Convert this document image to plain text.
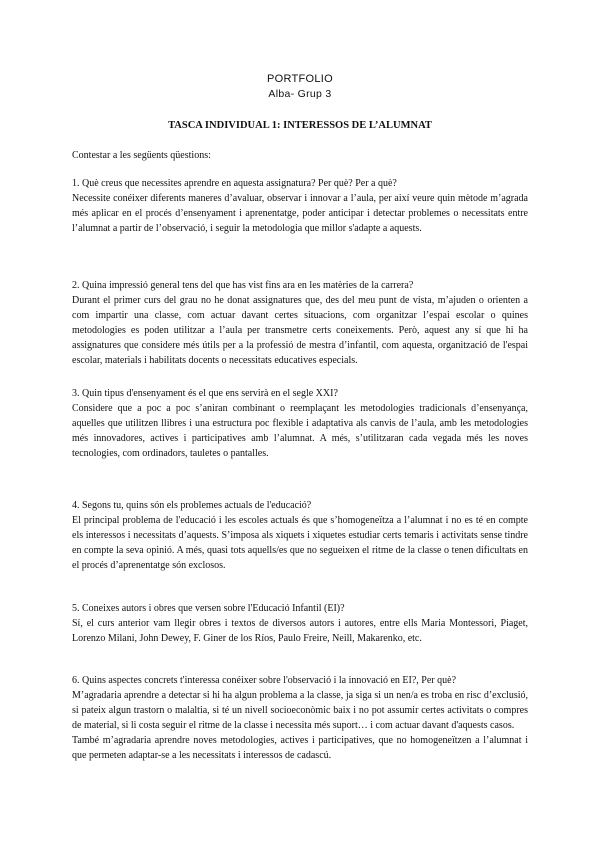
PORTFOLIO
Alba- Grup 3
TASCA INDIVIDUAL 1: INTERESSOS DE L’ALUMNAT
Contestar a les següents qüestions:

1. Què creus que necessites aprendre en aquesta assignatura? Per què? Per a què?

Necessite conéixer diferents maneres d’avaluar, observar i innovar a l’aula, per així veure quin mètode m’agrada més aplicar en el procés d’ensenyament i aprenentatge, poder anticipar i detectar problemes o necessitats entre l’alumnat a partir de l’observació, i seguir la metodologia que millor s'adapte a aquests.

2. Quina impressió general tens del que has vist fins ara en les matèries de la carrera?

Durant el primer curs del grau no he donat assignatures que, des del meu punt de vista, m’ajuden o orienten a com impartir una classe, com actuar davant certes situacions, com organitzar l’espai escolar o quines metodologies es poden utilitzar a l’aula per transmetre certs coneixements. Però, aquest any sí que hi ha assignatures que considere més útils per a la professió de mestra d’infantil, com aquesta, organització de l'espai escolar, materials i habilitats docents o necessitats educatives especials.

3. Quin tipus d'ensenyament és el que ens servirà en el segle XXI?

Considere que a poc a poc s’aniran combinant o reemplaçant les metodologies tradicionals d’ensenyança, aquelles que utilitzen llibres i una estructura poc flexible i adaptativa als canvis de l’aula, amb les metodologies més innovadores, actives i participatives amb l’alumnat. A més, s’utilitzaran cada vegada més les noves tecnologies, com ordinadors, tauletes o pantalles.

4. Segons tu, quins són els problemes actuals de l'educació?

El principal problema de l'educació i les escoles actuals és que s’homogeneïtza a l’alumnat i no es té en compte els interessos i necessitats d’aquests. S’imposa als xiquets i xiquetes estudiar certs temaris i activitats sense tindre en compte la seva opinió. A més, quasi tots aquells/es que no segueixen el ritme de la classe o tenen dificultats en el procés d’aprenentatge són exclosos.

5. Coneixes autors i obres que versen sobre l'Educació Infantil (EI)?

Sí, el curs anterior vam llegir obres i textos de diversos autors i autores, entre ells Maria Montessori, Piaget, Lorenzo Milani, John Dewey, F. Giner de los Ríos, Paulo Freire, Neill, Makarenko, etc.

6. Quins aspectes concrets t'interessa conéixer sobre l'observació i la innovació en EI?, Per què?

M’agradaria aprendre a detectar si hi ha algun problema a la classe, ja siga si un nen/a es troba en risc d’exclusió, si pateix algun trastorn o malaltia, si té un nivell socioeconòmic baix i no pot assumir certes activitats o compres de material, si li costa seguir el ritme de la classe i necessita més suport… i com actuar davant d'aquests casos.

També m’agradaria aprendre noves metodologies, actives i participatives, que no homogeneïtzen a l’alumnat i que permeten adaptar-se a les necessitats i interessos de cadascú.
